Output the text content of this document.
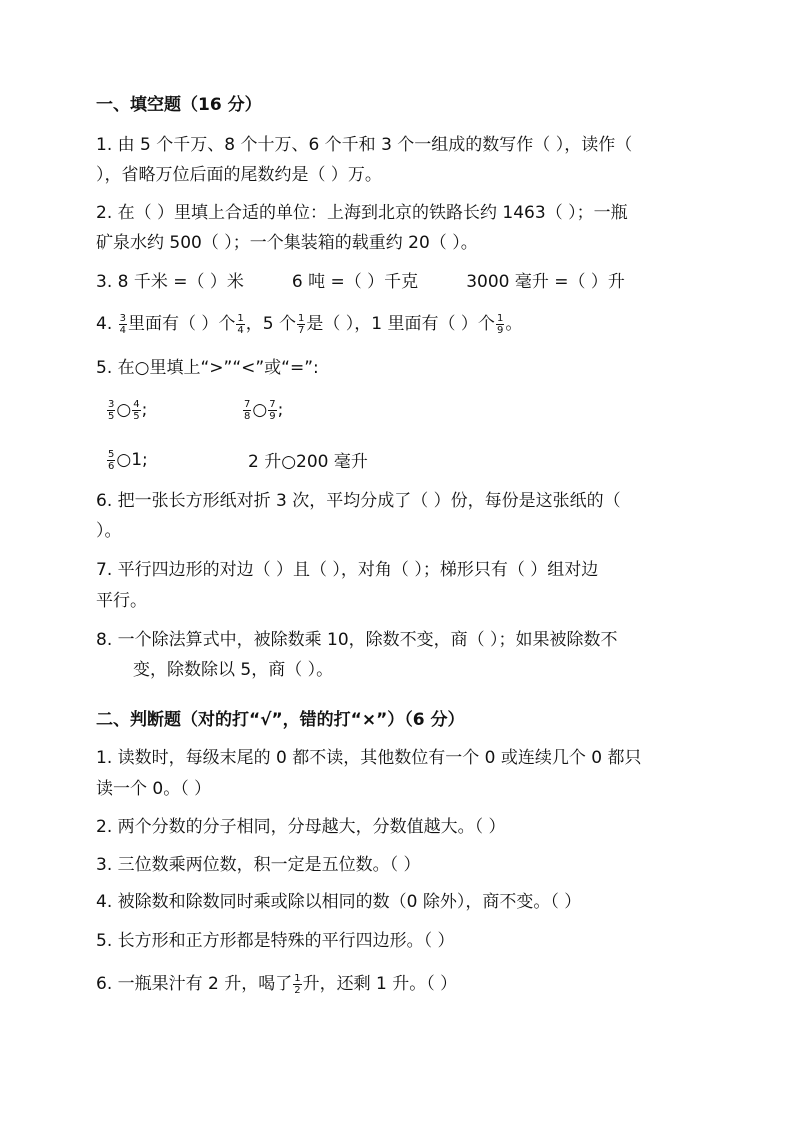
一、填空题（16 分）
1. 由 5 个千万、8 个十万、6 个千和 3 个一组成的数写作（ ），读作（
），省略万位后面的尾数约是（ ）万。
2. 在（ ）里填上合适的单位：上海到北京的铁路长约 1463（ ）；一瓶
矿泉水约 500（ ）；一个集装箱的载重约 20（ ）。
3. 8 千米 =（ ）米	6 吨 =（ ）千克	3000 毫升 =（ ）升
4. $\frac{3}{4}$ 里面有（ ）个 $\frac{1}{4}$ ，5 个 $\frac{1}{7}$ 是（ ），1 里面有（ ）个 $\frac{1}{9}$ 。
5. 在○里填上“>”“<”或“=”:
$\frac{3}{5}$ ○ $\frac{4}{5}$ ;	$\frac{7}{8}$ ○ $\frac{7}{9}$ ;
$\frac{5}{6}$ ○1;	2 升○200 毫升
6. 把一张长方形纸对折 3 次，平均分成了（ ）份，每份是这张纸的（
）。
7. 平行四边形的对边（ ）且（ ），对角（ ）；梯形只有（ ）组对边
平行。
8. 一个除法算式中，被除数乘 10，除数不变，商（ ）；如果被除数不
变，除数除以 5，商（ ）。
二、判断题（对的打“√”，错的打“×”）（6 分）
1. 读数时，每级末尾的 0 都不读，其他数位有一个 0 或连续几个 0 都只
读一个 0。（ ）
2. 两个分数的分子相同，分母越大，分数值越大。（ ）
3. 三位数乘两位数，积一定是五位数。（ ）
4. 被除数和除数同时乘或除以相同的数（0 除外），商不变。（ ）
5. 长方形和正方形都是特殊的平行四边形。（ ）
6. 一瓶果汁有 2 升，喝了 $\frac{1}{2}$ 升，还剩 1 升。（ ）
